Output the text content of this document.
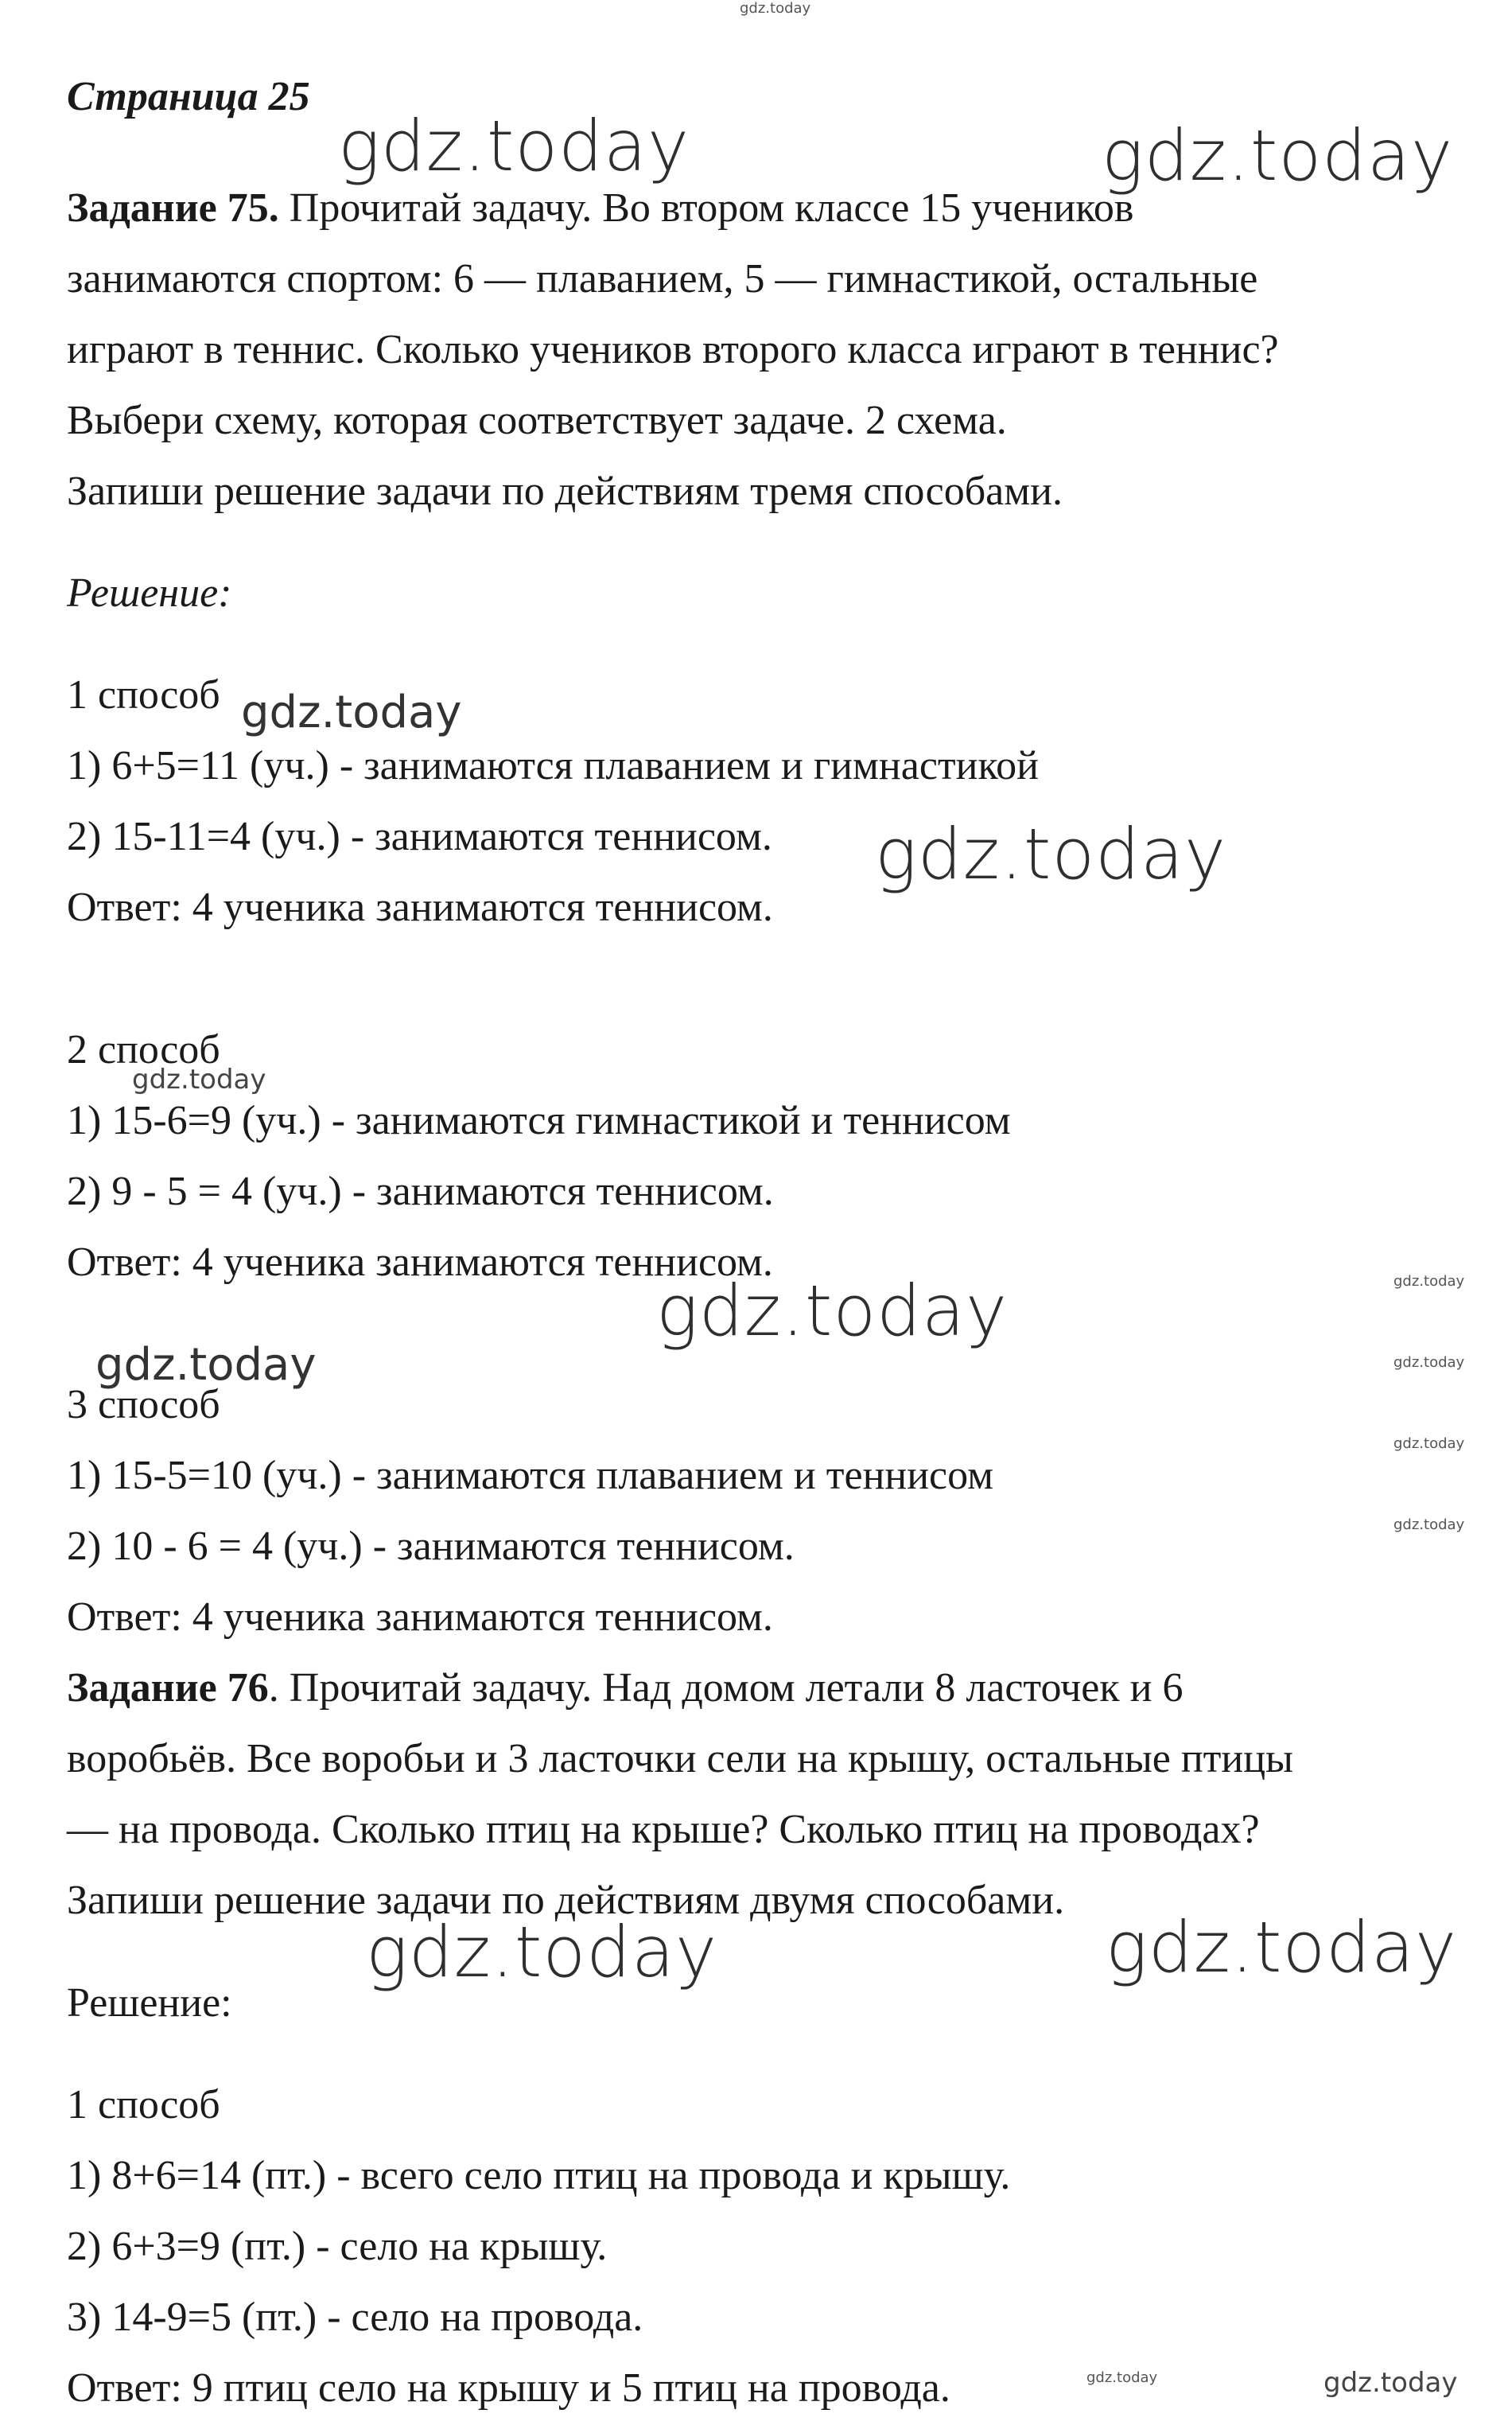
Страница 25
Задание 75. Прочитай задачу. Во втором классе 15 учеников
занимаются спортом: 6 — плаванием, 5 — гимнастикой, остальные
играют в теннис. Сколько учеников второго класса играют в теннис?
Выбери схему, которая соответствует задаче. 2 схема.
Запиши решение задачи по действиям тремя способами.
Решение:
1 способ
1) 6+5=11 (уч.) - занимаются плаванием и гимнастикой
2) 15-11=4 (уч.) - занимаются теннисом.
Ответ: 4 ученика занимаются теннисом.
2 способ
1) 15-6=9 (уч.) - занимаются гимнастикой и теннисом
2) 9 - 5 = 4 (уч.) - занимаются теннисом.
Ответ: 4 ученика занимаются теннисом.
3 способ
1) 15-5=10 (уч.) - занимаются плаванием и теннисом
2) 10 - 6 = 4 (уч.) - занимаются теннисом.
Ответ: 4 ученика занимаются теннисом.
Задание 76. Прочитай задачу. Над домом летали 8 ласточек и 6
воробьёв. Все воробьи и 3 ласточки сели на крышу, остальные птицы
— на провода. Сколько птиц на крыше? Сколько птиц на проводах?
Запиши решение задачи по действиям двумя способами.
Решение:
1 способ
1) 8+6=14 (пт.) - всего село птиц на провода и крышу.
2) 6+3=9 (пт.) - село на крышу.
3) 14-9=5 (пт.) - село на провода.
Ответ: 9 птиц село на крышу и 5 птиц на провода.
gdz.today
gdz.today	gdz.today
gdz.today
gdz.today
gdz.today
gdz.today	gdz.today
gdz.today	gdz.today
gdz.today
gdz.today
gdz.today	gdz.today
gdz.today	gdz.today
